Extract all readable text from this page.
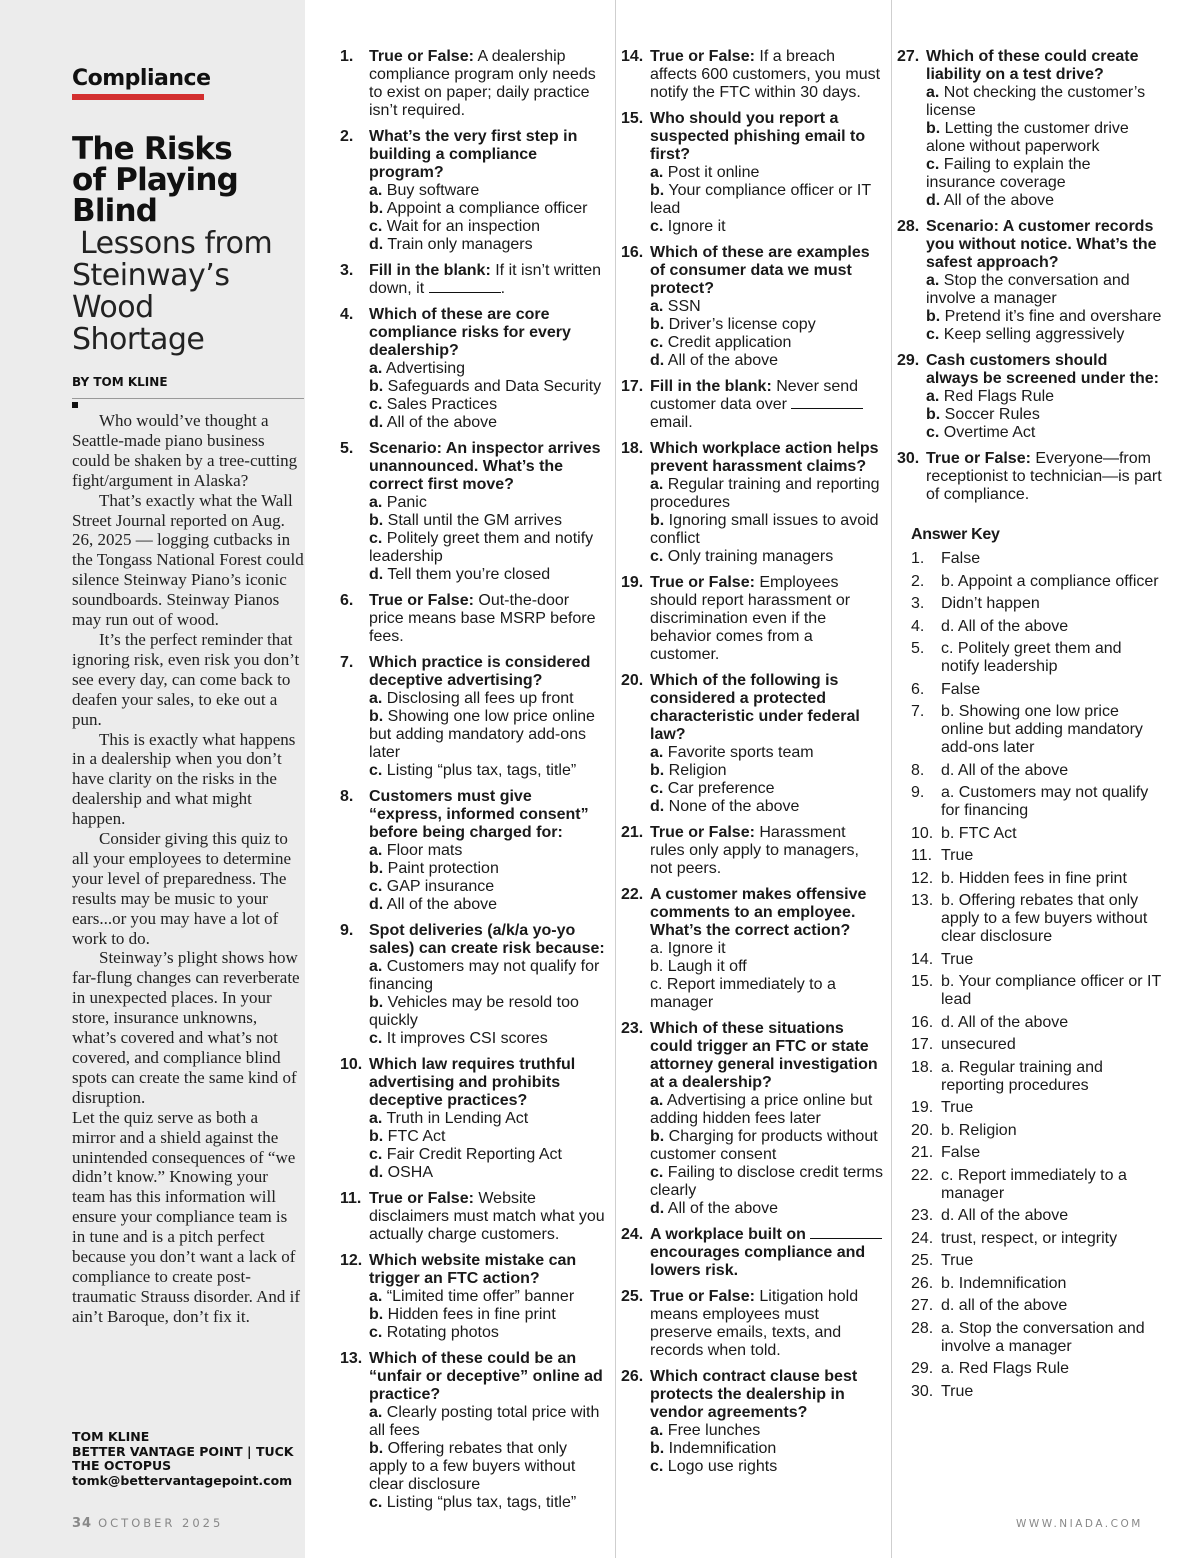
Compliance
The Risks
of Playing
Blind
Lessons from
Steinway’s
Wood
Shortage
BY TOM KLINE

Who would’ve thought a Seattle-made piano business could be shaken by a tree-cutting fight/argument in Alaska?

That’s exactly what the Wall Street Journal reported on Aug. 26, 2025 — logging cutbacks in the Tongass National Forest could silence Steinway Piano’s iconic soundboards. Steinway Pianos may run out of wood.

It’s the perfect reminder that ignoring risk, even risk you don’t see every day, can come back to deafen your sales, to eke out a pun.

This is exactly what happens in a dealership when you don’t have clarity on the risks in the dealership and what might happen.

Consider giving this quiz to all your employees to determine your level of preparedness. The results may be music to your ears...or you may have a lot of work to do.

Steinway’s plight shows how far-flung changes can reverberate in unexpected places. In your store, insurance unknowns, what’s covered and what’s not covered, and compliance blind spots can create the same kind of disruption.

Let the quiz serve as both a mirror and a shield against the unintended consequences of “we didn’t know.” Knowing your team has this information will ensure your compliance team is in tune and is a pitch perfect because you don’t want a lack of compliance to create post-traumatic Strauss disorder. And if ain’t Baroque, don’t fix it.

TOM KLINE
BETTER VANTAGE POINT | TUCK THE OCTOPUS
tomk@bettervantagepoint.com
34 OCTOBER 2025	WWW.NIADA.COM
1. True or False: A dealership compliance program only needs to exist on paper; daily practice isn’t required.
2. What’s the very first step in building a compliance program?
a. Buy software
b. Appoint a compliance officer
c. Wait for an inspection
d. Train only managers
3. Fill in the blank: If it isn’t written down, it	.
4. Which of these are core compliance risks for every dealership?
a. Advertising
b. Safeguards and Data Security
c. Sales Practices
d. All of the above
5. Scenario: An inspector arrives unannounced. What’s the correct first move?
a. Panic
b. Stall until the GM arrives
c. Politely greet them and notify leadership
d. Tell them you’re closed
6. True or False: Out-the-door price means base MSRP before fees.
7. Which practice is considered deceptive advertising?
a. Disclosing all fees up front
b. Showing one low price online but adding mandatory add-ons later
c. Listing “plus tax, tags, title”
8. Customers must give “express, informed consent” before being charged for:
a. Floor mats
b. Paint protection
c. GAP insurance
d. All of the above
9. Spot deliveries (a/k/a yo-yo sales) can create risk because:
a. Customers may not qualify for financing
b. Vehicles may be resold too quickly
c. It improves CSI scores
10. Which law requires truthful advertising and prohibits deceptive practices?
a. Truth in Lending Act
b. FTC Act
c. Fair Credit Reporting Act
d. OSHA
11. True or False: Website disclaimers must match what you actually charge customers.
12. Which website mistake can trigger an FTC action?
a. “Limited time offer” banner
b. Hidden fees in fine print
c. Rotating photos
13. Which of these could be an “unfair or deceptive” online ad practice?
a. Clearly posting total price with all fees
b. Offering rebates that only apply to a few buyers without clear disclosure
c. Listing “plus tax, tags, title”
14. True or False: If a breach affects 600 customers, you must notify the FTC within 30 days.
15. Who should you report a suspected phishing email to first?
a. Post it online
b. Your compliance officer or IT lead
c. Ignore it
16. Which of these are examples of consumer data we must protect?
a. SSN
b. Driver’s license copy
c. Credit application
d. All of the above
17. Fill in the blank: Never send customer data over  email.
18. Which workplace action helps prevent harassment claims?
a. Regular training and reporting procedures
b. Ignoring small issues to avoid conflict
c. Only training managers
19. True or False: Employees should report harassment or discrimination even if the behavior comes from a customer.
20. Which of the following is considered a protected characteristic under federal law?
a. Favorite sports team
b. Religion
c. Car preference
d. None of the above
21. True or False: Harassment rules only apply to managers, not peers.
22. A customer makes offensive comments to an employee. What’s the correct action?
a. Ignore it
b. Laugh it off
c. Report immediately to a manager
23. Which of these situations could trigger an FTC or state attorney general investigation at a dealership?
a. Advertising a price online but adding hidden fees later
b. Charging for products without customer consent
c. Failing to disclose credit terms clearly
d. All of the above
24. A workplace built on  encourages compliance and lowers risk.
25. True or False: Litigation hold means employees must preserve emails, texts, and records when told.
26. Which contract clause best protects the dealership in vendor agreements?
a. Free lunches
b. Indemnification
c. Logo use rights
27. Which of these could create liability on a test drive?
a. Not checking the customer’s license
b. Letting the customer drive alone without paperwork
c. Failing to explain the insurance coverage
d. All of the above
28. Scenario: A customer records you without notice. What’s the safest approach?
a. Stop the conversation and involve a manager
b. Pretend it’s fine and overshare
c. Keep selling aggressively
29. Cash customers should always be screened under the:
a. Red Flags Rule
b. Soccer Rules
c. Overtime Act
30. True or False: Everyone—from receptionist to technician—is part of compliance.
Answer Key
1. False
2. b. Appoint a compliance officer
3. Didn’t happen
4. d. All of the above
5. c. Politely greet them and notify leadership
6. False
7. b. Showing one low price online but adding mandatory add-ons later
8. d. All of the above
9. a. Customers may not qualify for financing
10. b. FTC Act
11. True
12. b. Hidden fees in fine print
13. b. Offering rebates that only apply to a few buyers without clear disclosure
14. True
15. b. Your compliance officer or IT lead
16. d. All of the above
17. unsecured
18. a. Regular training and reporting procedures
19. True
20. b. Religion
21. False
22. c. Report immediately to a manager
23. d. All of the above
24. trust, respect, or integrity
25. True
26. b. Indemnification
27. d. all of the above
28. a. Stop the conversation and involve a manager
29. a. Red Flags Rule
30. True
